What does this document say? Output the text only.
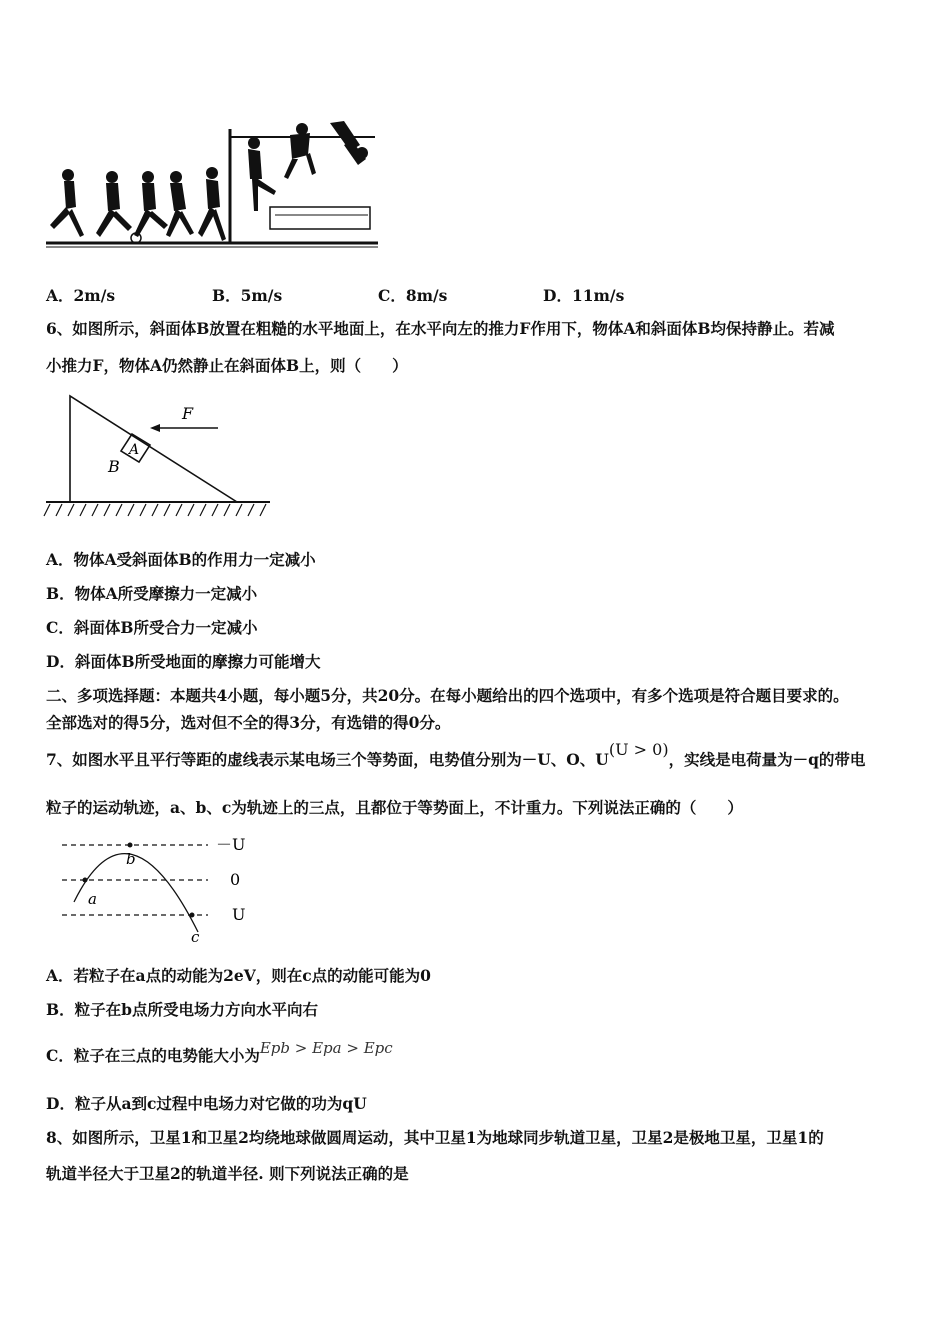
A．2m/s	B．5m/s	C．8m/s	D．11m/s
6、如图所示，斜面体B放置在粗糙的水平地面上，在水平向左的推力F作用下，物体A和斜面体B均保持静止。若减
小推力F，物体A仍然静止在斜面体B上，则（　　）
F
A
B
A．物体A受斜面体B的作用力一定减小
B．物体A所受摩擦力一定减小
C．斜面体B所受合力一定减小
D．斜面体B所受地面的摩擦力可能增大
二、多项选择题：本题共4小题，每小题5分，共20分。在每小题给出的四个选项中，有多个选项是符合题目要求的。
全部选对的得5分，选对但不全的得3分，有选错的得0分。
7、如图水平且平行等距的虚线表示某电场三个等势面，电势值分别为－U、O、U(U > 0)，实线是电荷量为－q的带电
粒子的运动轨迹，a、b、c为轨迹上的三点，且都位于等势面上，不计重力。下列说法正确的（　　）
－U
0
U
a
b
c
A．若粒子在a点的动能为2eV，则在c点的动能可能为0
B．粒子在b点所受电场力方向水平向右
C．粒子在三点的电势能大小为Epb > Epa > Epc
D．粒子从a到c过程中电场力对它做的功为qU
8、如图所示，卫星1和卫星2均绕地球做圆周运动，其中卫星1为地球同步轨道卫星，卫星2是极地卫星，卫星1的
轨道半径大于卫星2的轨道半径. 则下列说法正确的是
